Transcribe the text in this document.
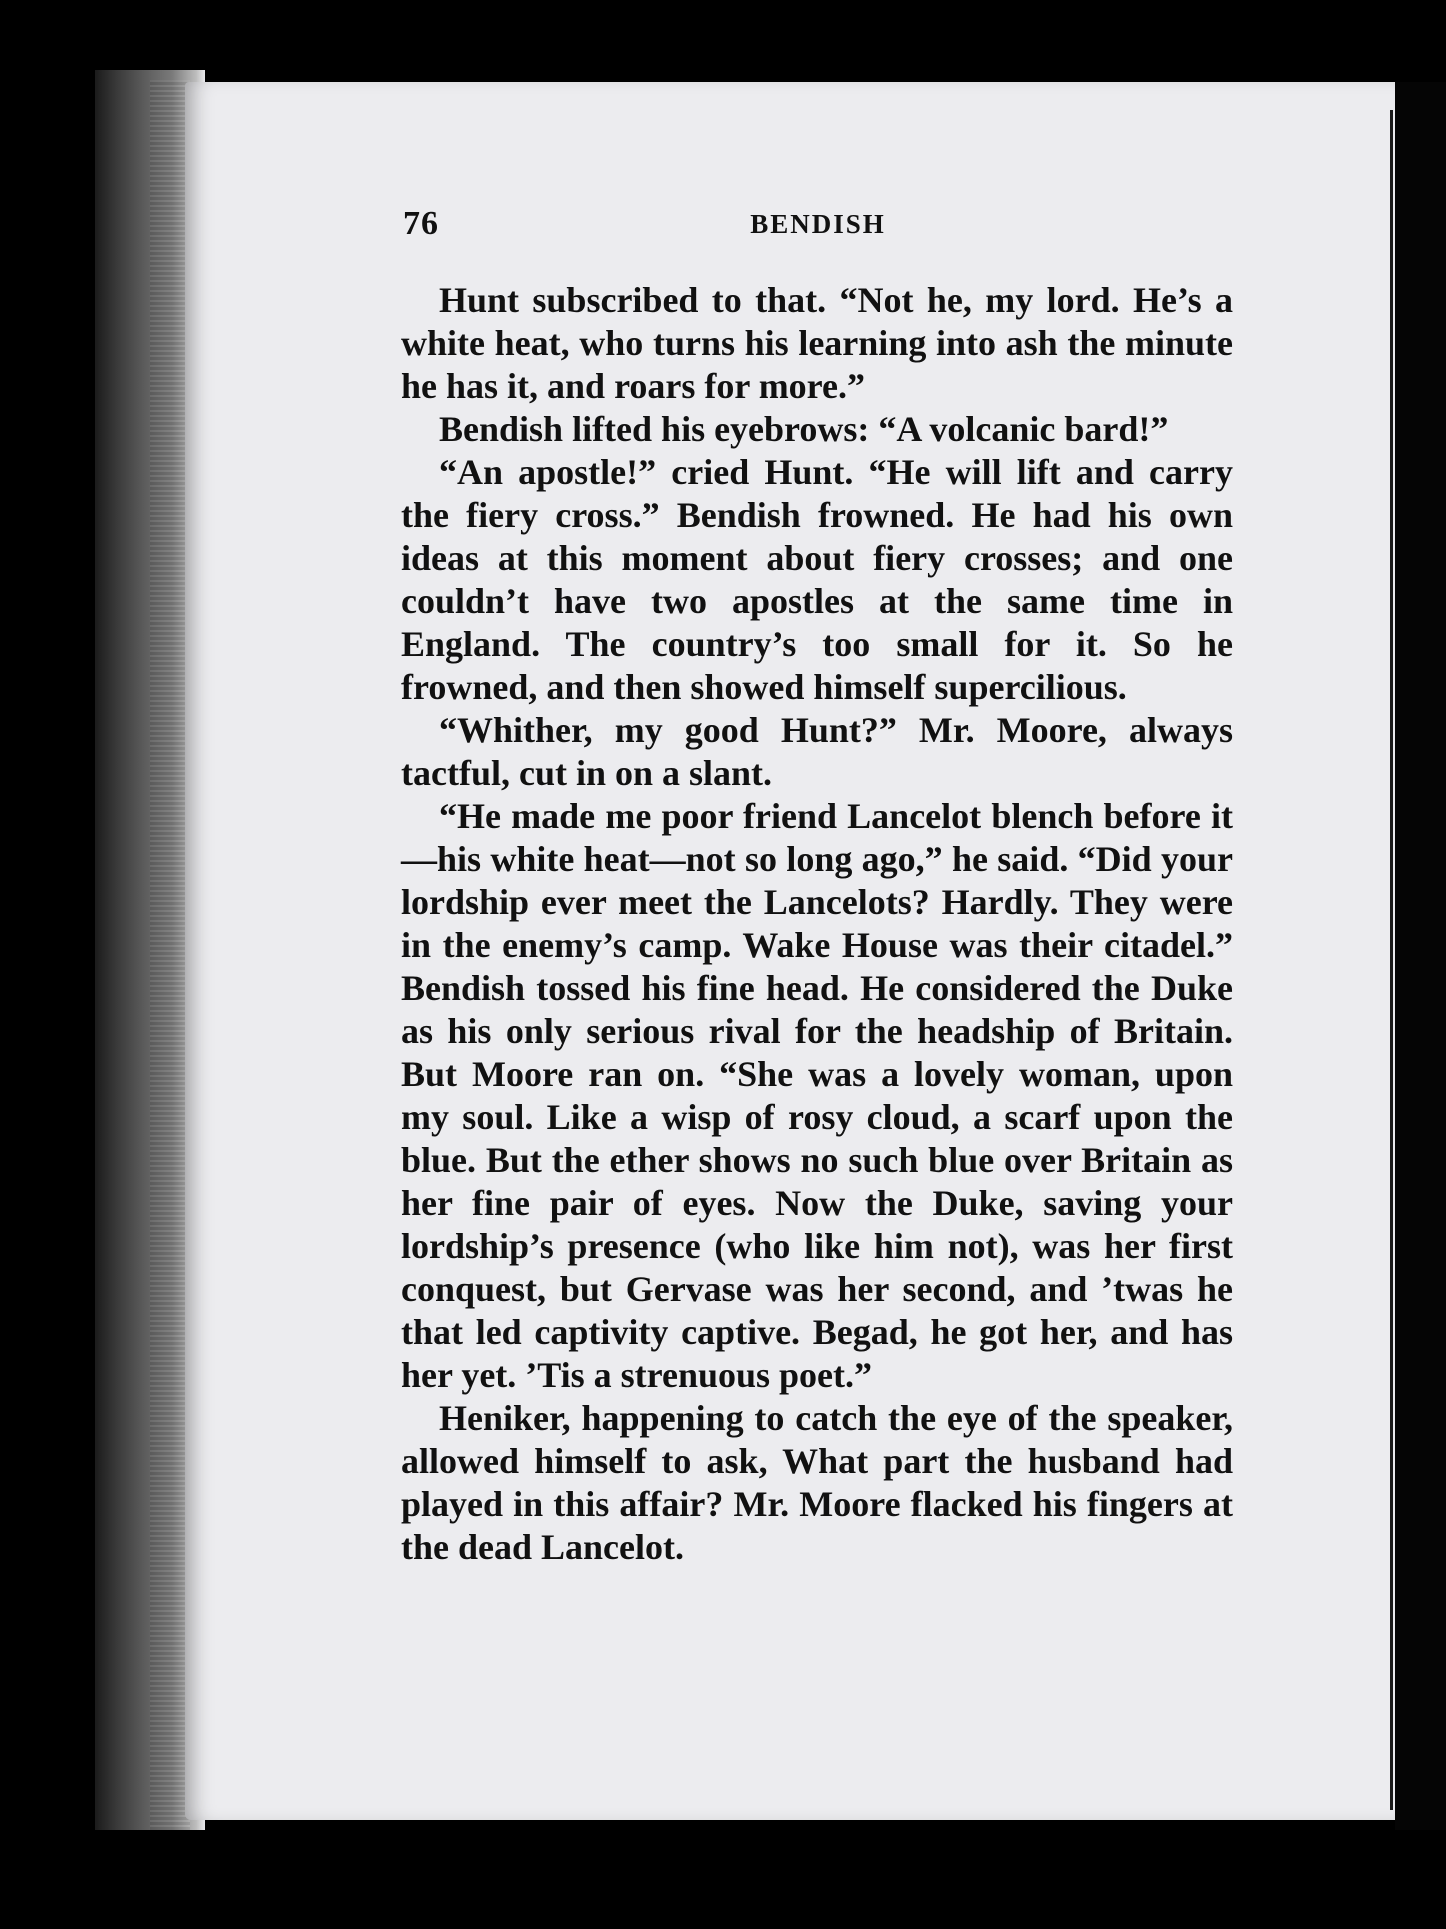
76	BENDISH

Hunt subscribed to that. “Not he, my lord. He’s a white heat, who turns his learning into ash the minute he has it, and roars for more.”

Bendish lifted his eyebrows: “A volcanic bard!”

“An apostle!” cried Hunt. “He will lift and carry the fiery cross.” Bendish frowned. He had his own ideas at this moment about fiery crosses; and one couldn’t have two apostles at the same time in England. The country’s too small for it. So he frowned, and then showed himself supercilious.

“Whither, my good Hunt?” Mr. Moore, always tactful, cut in on a slant.

“He made me poor friend Lancelot blench before it—his white heat—not so long ago,” he said. “Did your lordship ever meet the Lancelots? Hardly. They were in the enemy’s camp. Wake House was their citadel.” Bendish tossed his fine head. He considered the Duke as his only serious rival for the headship of Britain. But Moore ran on. “She was a lovely woman, upon my soul. Like a wisp of rosy cloud, a scarf upon the blue. But the ether shows no such blue over Britain as her fine pair of eyes. Now the Duke, saving your lordship’s presence (who like him not), was her first conquest, but Gervase was her second, and ’twas he that led captivity captive. Begad, he got her, and has her yet. ’Tis a strenuous poet.”

Heniker, happening to catch the eye of the speaker, allowed himself to ask, What part the husband had played in this affair? Mr. Moore flacked his fingers at the dead Lancelot.
